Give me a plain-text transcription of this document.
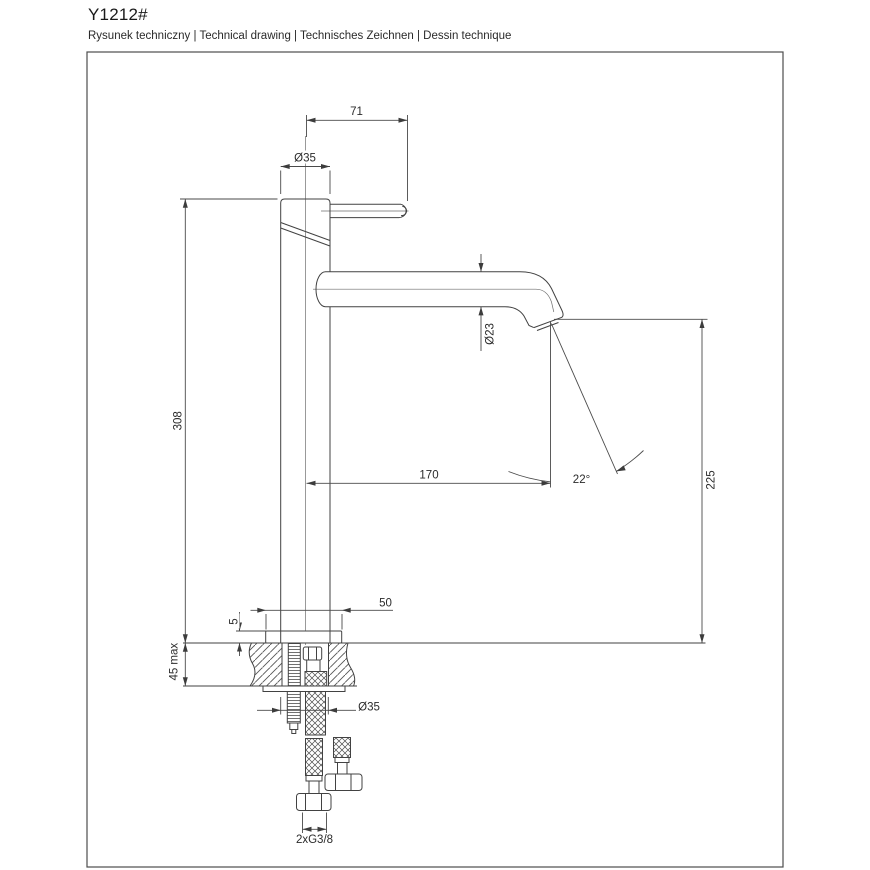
Y1212#
Rysunek techniczny | Technical drawing | Technisches Zeichnen | Dessin technique
71
Ø35
Ø23
170	22°	225
308
45 max
50
5
Ø35
2xG3/8
